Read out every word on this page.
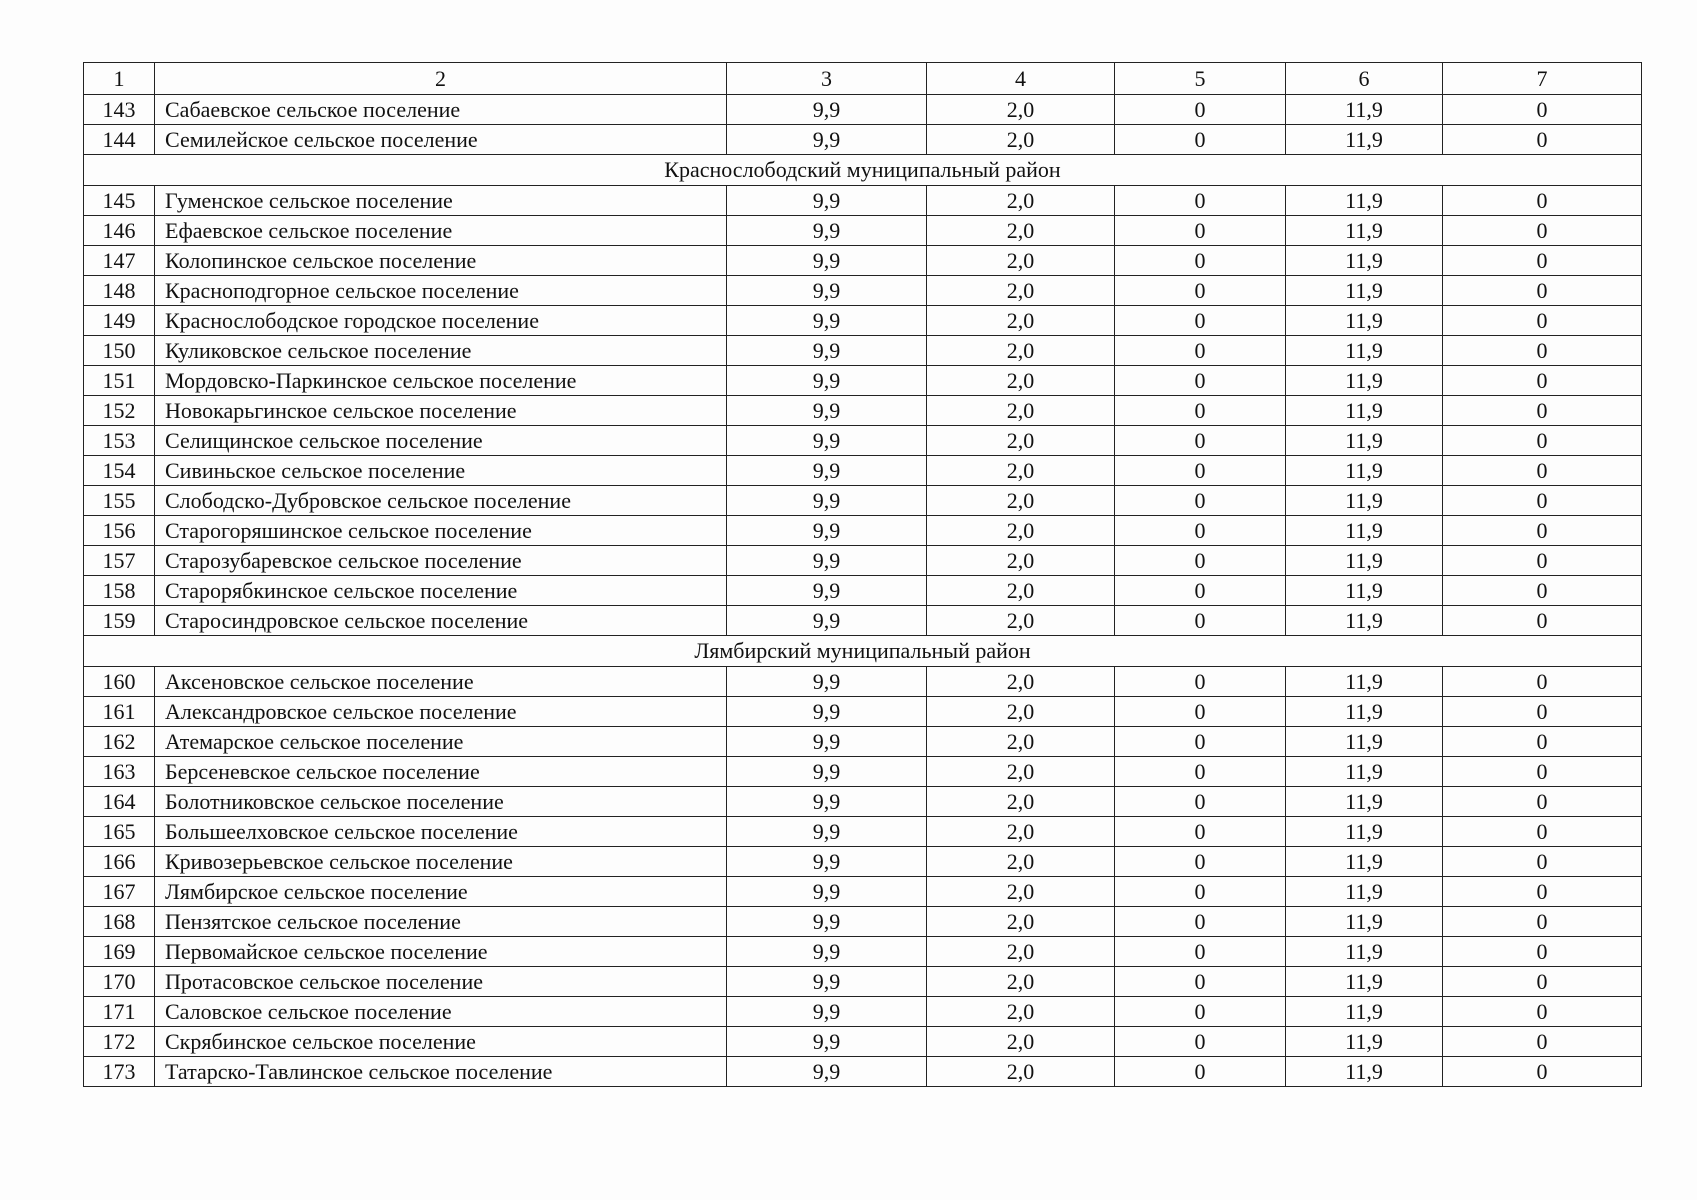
1	2	3	4	5	6	7
143	Сабаевское сельское поселение	9,9	2,0	0	11,9	0
144	Семилейское сельское поселение	9,9	2,0	0	11,9	0
Краснослободский муниципальный район						
145	Гуменское сельское поселение	9,9	2,0	0	11,9	0
146	Ефаевское сельское поселение	9,9	2,0	0	11,9	0
147	Колопинское сельское поселение	9,9	2,0	0	11,9	0
148	Красноподгорное сельское поселение	9,9	2,0	0	11,9	0
149	Краснослободское городское поселение	9,9	2,0	0	11,9	0
150	Куликовское сельское поселение	9,9	2,0	0	11,9	0
151	Мордовско-Паркинское сельское поселение	9,9	2,0	0	11,9	0
152	Новокарьгинское сельское поселение	9,9	2,0	0	11,9	0
153	Селищинское сельское поселение	9,9	2,0	0	11,9	0
154	Сивиньское сельское поселение	9,9	2,0	0	11,9	0
155	Слободско-Дубровское сельское поселение	9,9	2,0	0	11,9	0
156	Старогоряшинское сельское поселение	9,9	2,0	0	11,9	0
157	Старозубаревское сельское поселение	9,9	2,0	0	11,9	0
158	Старорябкинское сельское поселение	9,9	2,0	0	11,9	0
159	Старосиндровское сельское поселение	9,9	2,0	0	11,9	0
Лямбирский муниципальный район						
160	Аксеновское сельское поселение	9,9	2,0	0	11,9	0
161	Александровское сельское поселение	9,9	2,0	0	11,9	0
162	Атемарское сельское поселение	9,9	2,0	0	11,9	0
163	Берсеневское сельское поселение	9,9	2,0	0	11,9	0
164	Болотниковское сельское поселение	9,9	2,0	0	11,9	0
165	Большеелховское сельское поселение	9,9	2,0	0	11,9	0
166	Кривозерьевское сельское поселение	9,9	2,0	0	11,9	0
167	Лямбирское сельское поселение	9,9	2,0	0	11,9	0
168	Пензятское сельское поселение	9,9	2,0	0	11,9	0
169	Первомайское сельское поселение	9,9	2,0	0	11,9	0
170	Протасовское сельское поселение	9,9	2,0	0	11,9	0
171	Саловское сельское поселение	9,9	2,0	0	11,9	0
172	Скрябинское сельское поселение	9,9	2,0	0	11,9	0
173	Татарско-Тавлинское сельское поселение	9,9	2,0	0	11,9	0
